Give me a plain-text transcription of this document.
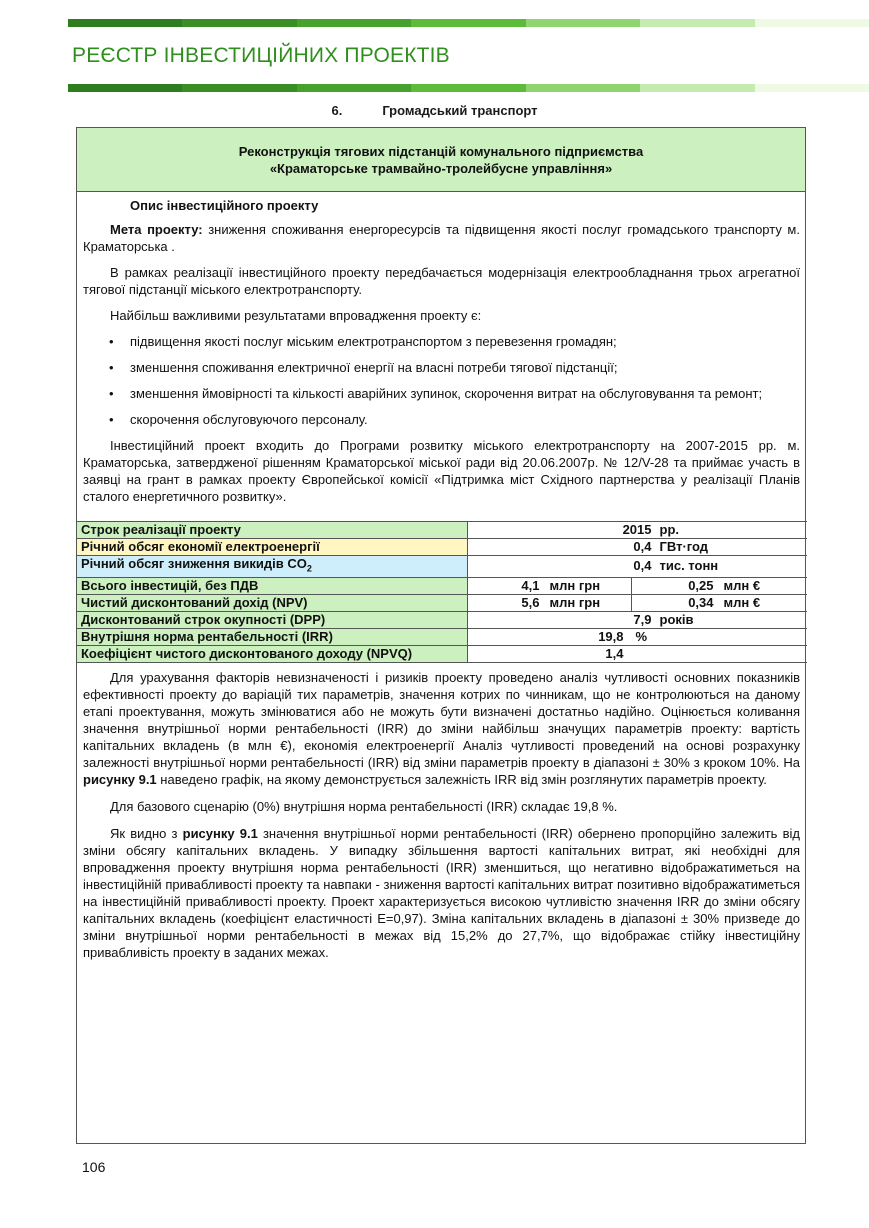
РЕЄСТР ІНВЕСТИЦІЙНИХ ПРОЕКТІВ
6.	Громадський транспорт
Реконструкція тягових підстанцій комунального підприємства
«Краматорське трамвайно-тролейбусне управління»

Опис інвестиційного проекту

Мета проекту: зниження споживання енергоресурсів та підвищення якості послуг громадського транспорту м. Краматорська .

В рамках реалізації інвестиційного проекту передбачається модернізація електрообладнання трьох агрегатної тягової підстанції міського електротранспорту.

Найбільш важливими результатами впровадження проекту є:

• підвищення якості послуг міським електротранспортом з перевезення громадян;
• зменшення споживання електричної енергії на власні потреби тягової підстанції;
• зменшення ймовірності та кількості аварійних зупинок, скорочення витрат на обслуговування та ремонт;
• скорочення обслуговуючого персоналу.

Інвестиційний проект входить до Програми розвитку міського електротранспорту на 2007-2015 рр. м. Краматорська, затвердженої рішенням Краматорської міської ради від 20.06.2007р. № 12/V-28 та приймає участь в заявці на грант в рамках проекту Європейської комісії «Підтримка міст Східного партнерства у реалізації Планів сталого енергетичного розвитку».

Строк реалізації проекту	2015 рр.	
Річний обсяг економії електроенергії	0,4 ГВт·год	
Річний обсяг зниження викидів $CO_2$	0,4 тис. тонн	
Всього інвестицій, без ПДВ	4,1 млн грн	0,25 млн €
Чистий дисконтований дохід (NPV)	5,6 млн грн	0,34 млн €
Дисконтований строк окупності (DPP)	7,9 років	
Внутрішня норма рентабельності (IRR)	19,8 %	
Коефіцієнт чистого дисконтованого доходу (NPVQ)	1,4	

Для урахування факторів невизначеності і ризиків проекту проведено аналіз чутливості основних показників ефективності проекту до варіацій тих параметрів, значення котрих по чинникам, що не контролюються на даному етапі проектування, можуть змінюватися або не можуть бути визначені достатньо надійно. Оцінюється коливання значення внутрішньої норми рентабельності (IRR) до зміни найбільш значущих параметрів проекту: вартість капітальних вкладень (в млн €), економія електроенергії Аналіз чутливості проведений на основі розрахунку залежності внутрішньої норми рентабельності (IRR) від зміни параметрів проекту в діапазоні ± 30% з кроком 10%. На рисунку 9.1 наведено графік, на якому демонструється залежність IRR від змін розглянутих параметрів проекту.

Для базового сценарію (0%) внутрішня норма рентабельності (IRR) складає 19,8 %.

Як видно з рисунку 9.1 значення внутрішньої норми рентабельності (IRR) обернено пропорційно залежить від зміни обсягу капітальних вкладень. У випадку збільшення вартості капітальних витрат, які необхідні для впровадження проекту внутрішня норма рентабельності (IRR) зменшиться, що негативно відображатиметься на інвестиційній привабливості проекту та навпаки - зниження вартості капітальних витрат позитивно відображатиметься на інвестиційній привабливості проекту. Проект характеризується високою чутливістю значення IRR до зміни обсягу капітальних вкладень (коефіцієнт еластичності E=0,97). Зміна капітальних вкладень в діапазоні ± 30% призведе до зміни внутрішньої норми рентабельності в межах від 15,2% до 27,7%, що відображає стійку інвестиційну привабливість проекту в заданих межах.

106
